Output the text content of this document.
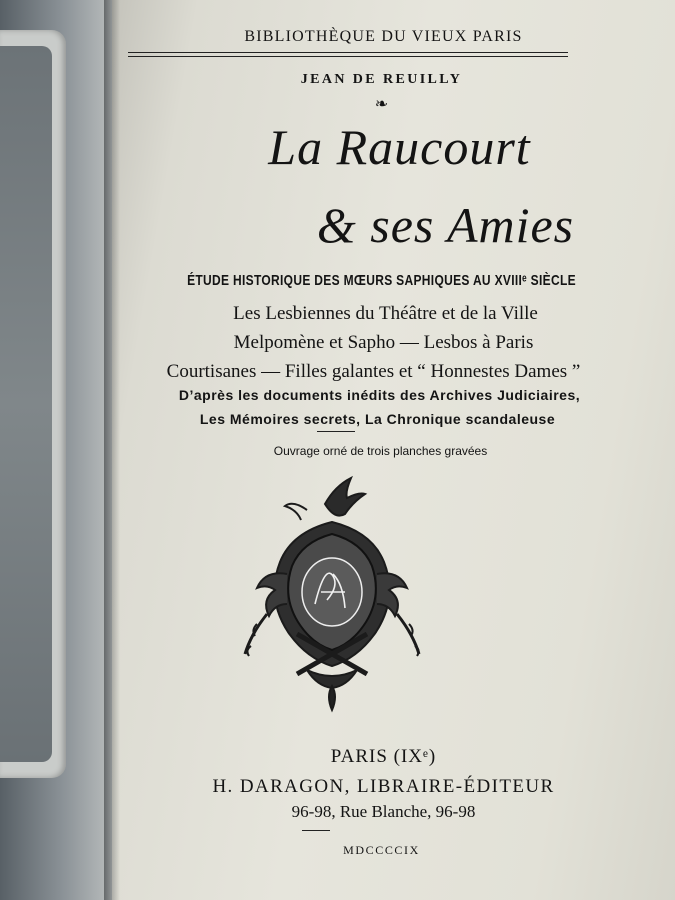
BIBLIOTHÈQUE DU VIEUX PARIS
JEAN DE REUILLY
❧
La Raucourt
& ses Amies
ÉTUDE HISTORIQUE DES MŒURS SAPHIQUES AU XVIIIᵉ SIÈCLE
Les Lesbiennes du Théâtre et de la Ville
Melpomène et Sapho — Lesbos à Paris
Courtisanes — Filles galantes et “ Honnestes Dames ”
D’après les documents inédits des Archives Judiciaires,
Les Mémoires secrets, La Chronique scandaleuse
Ouvrage orné de trois planches gravées
PARIS (IXᵉ)
H. DARAGON, LIBRAIRE-ÉDITEUR
96-98, Rue Blanche, 96-98
MDCCCCIX
